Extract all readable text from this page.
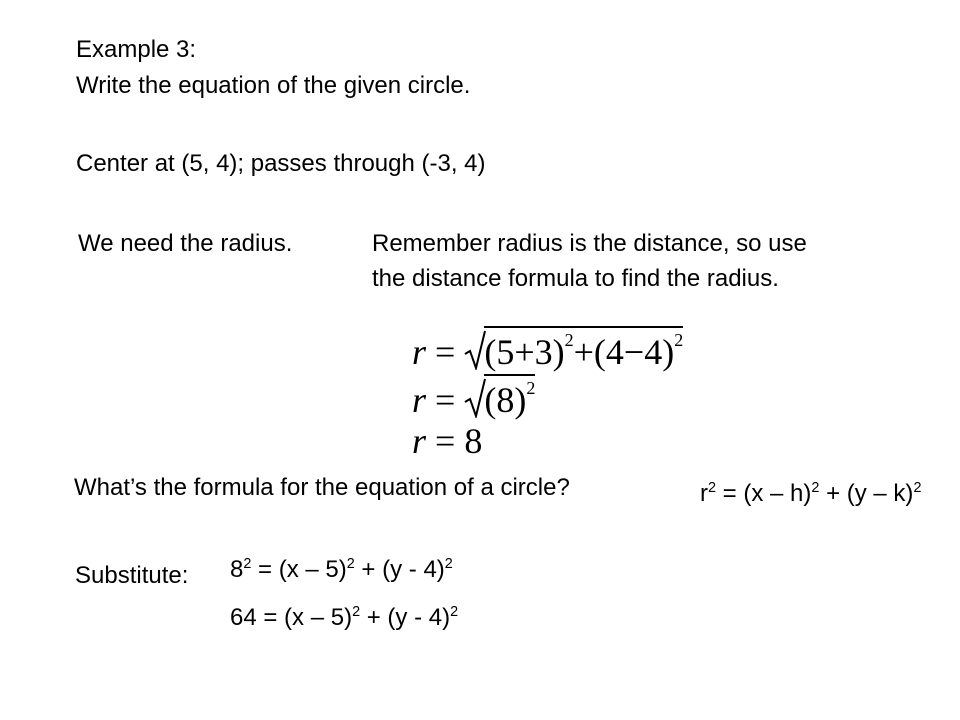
Example 3:
Write the equation of the given circle.
Center at (5, 4); passes through (-3, 4)
We need the radius.	Remember radius is the distance, so use
the distance formula to find the radius.
$r = (5+3)^2+(4-4)^2$
$r = (8)^2$
r = 8
What’s the formula for the equation of a circle?	$r^2 = (x - h)^2 + (y - k)^2$
Substitute: $8^2 = (x - 5)^2 + (y - 4)^2$
64 = (x – 5)$^2$ + (y - 4)$^2$
